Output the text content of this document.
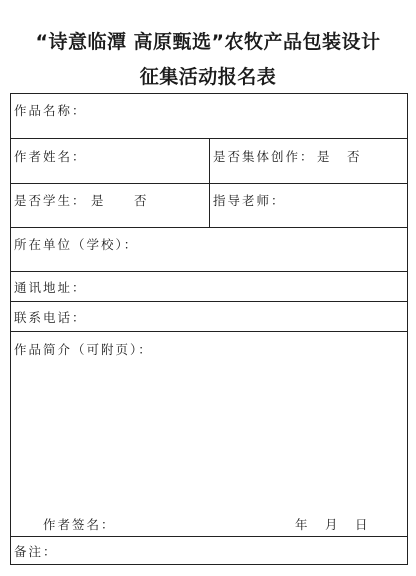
“诗意临潭 高原甄选”农牧产品包装设计
征集活动报名表
作品名称：
作者姓名：	是否集体创作： 是 否
是否学生： 是 否	指导老师：
所在单位（学校）：
通讯地址：
联系电话：
作品简介（可附页）：
作者签名：	年 月 日
备注：
